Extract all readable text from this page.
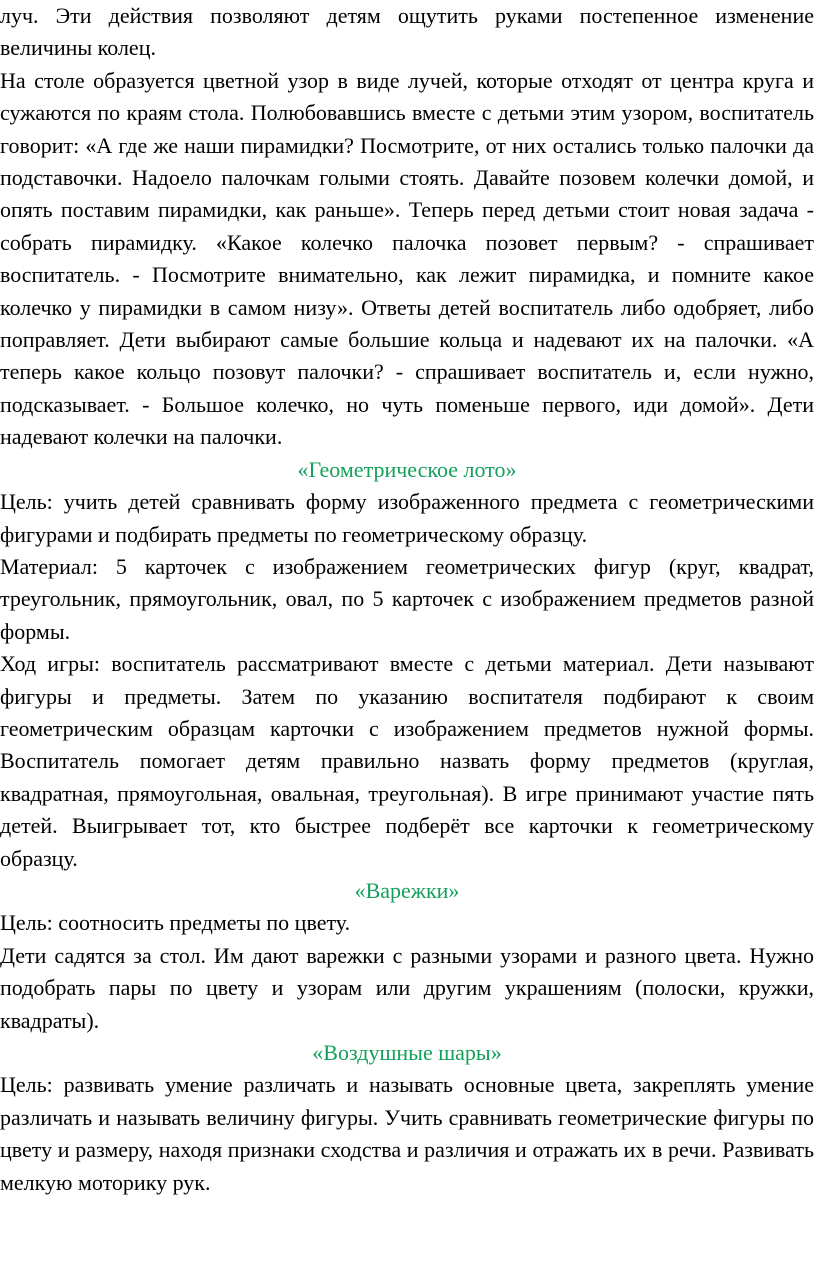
луч. Эти действия позволяют детям ощутить руками постепенное изменение величины колец.

На столе образуется цветной узор в виде лучей, которые отходят от центра круга и сужаются по краям стола. Полюбовавшись вместе с детьми этим узором, воспитатель говорит: «А где же наши пирамидки? Посмотрите, от них остались только палочки да подставочки. Надоело палочкам голыми стоять. Давайте позовем колечки домой, и опять поставим пирамидки, как раньше». Теперь перед детьми стоит новая задача - собрать пирамидку. «Какое колечко палочка позовет первым? - спрашивает воспитатель. - Посмотрите внимательно, как лежит пирамидка, и помните какое колечко у пирамидки в самом низу». Ответы детей воспитатель либо одобряет, либо поправляет. Дети выбирают самые большие кольца и надевают их на палочки. «А теперь какое кольцо позовут палочки? - спрашивает воспитатель и, если нужно, подсказывает. - Большое колечко, но чуть поменьше первого, иди домой». Дети надевают колечки на палочки.

«Геометрическое лото»

Цель: учить детей сравнивать форму изображенного предмета с геометрическими фигурами и подбирать предметы по геометрическому образцу.

Материал: 5 карточек с изображением геометрических фигур (круг, квадрат, треугольник, прямоугольник, овал, по 5 карточек с изображением предметов разной формы.

Ход игры: воспитатель рассматривают вместе с детьми материал. Дети называют фигуры и предметы. Затем по указанию воспитателя подбирают к своим геометрическим образцам карточки с изображением предметов нужной формы. Воспитатель помогает детям правильно назвать форму предметов (круглая, квадратная, прямоугольная, овальная, треугольная). В игре принимают участие пять детей. Выигрывает тот, кто быстрее подберёт все карточки к геометрическому образцу.

«Варежки»

Цель: соотносить предметы по цвету.

Дети садятся за стол. Им дают варежки с разными узорами и разного цвета. Нужно подобрать пары по цвету и узорам или другим украшениям (полоски, кружки, квадраты).

«Воздушные шары»

Цель: развивать умение различать и называть основные цвета, закреплять умение различать и называть величину фигуры. Учить сравнивать геометрические фигуры по цвету и размеру, находя признаки сходства и различия и отражать их в речи. Развивать мелкую моторику рук.
